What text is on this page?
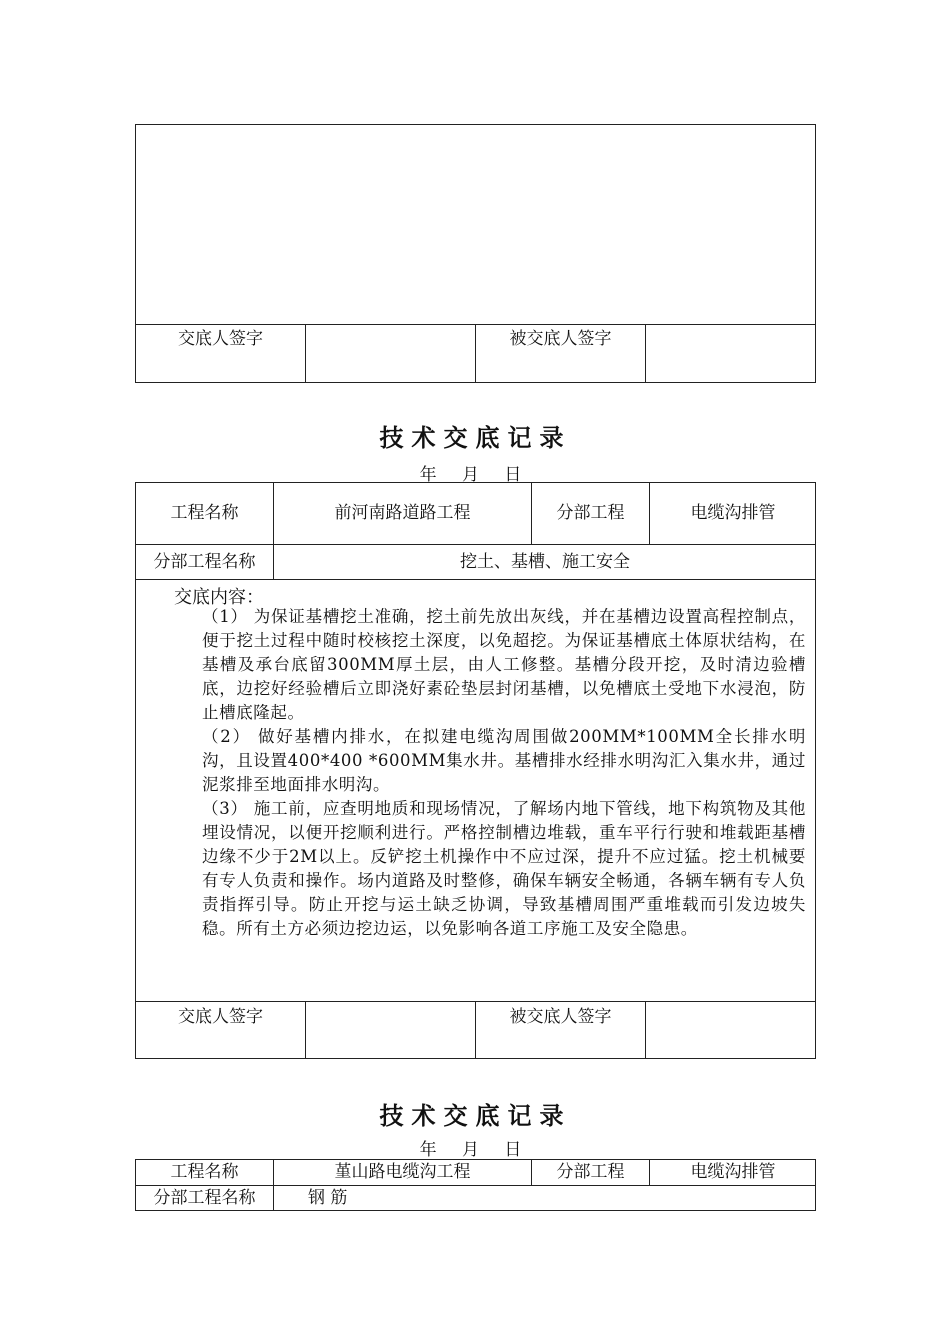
交底人签字	被交底人签字
技术交底记录
年 月 日
工程名称	前河南路道路工程	分部工程	电缆沟排管
分部工程名称	挖土、基槽、施工安全
交底内容：

（1） 为保证基槽挖土准确，挖土前先放出灰线，并在基槽边设置高程控制点，便于挖土过程中随时校核挖土深度，以免超挖。为保证基槽底土体原状结构，在基槽及承台底留300MM厚土层，由人工修整。基槽分段开挖，及时清边验槽底，边挖好经验槽后立即浇好素砼垫层封闭基槽，以免槽底土受地下水浸泡，防止槽底隆起。

（2） 做好基槽内排水，在拟建电缆沟周围做200MM*100MM全长排水明沟，且设置400*400 *600MM集水井。基槽排水经排水明沟汇入集水井，通过泥浆排至地面排水明沟。

（3） 施工前，应查明地质和现场情况，了解场内地下管线，地下构筑物及其他埋设情况，以便开挖顺利进行。严格控制槽边堆载，重车平行行驶和堆载距基槽边缘不少于2M以上。反铲挖土机操作中不应过深，提升不应过猛。挖土机械要有专人负责和操作。场内道路及时整修，确保车辆安全畅通，各辆车辆有专人负责指挥引导。防止开挖与运土缺乏协调，导致基槽周围严重堆载而引发边坡失稳。所有土方必须边挖边运，以免影响各道工序施工及安全隐患。

交底人签字	被交底人签字
技术交底记录
年 月 日
工程名称	堇山路电缆沟工程	分部工程	电缆沟排管
分部工程名称	钢 筋
